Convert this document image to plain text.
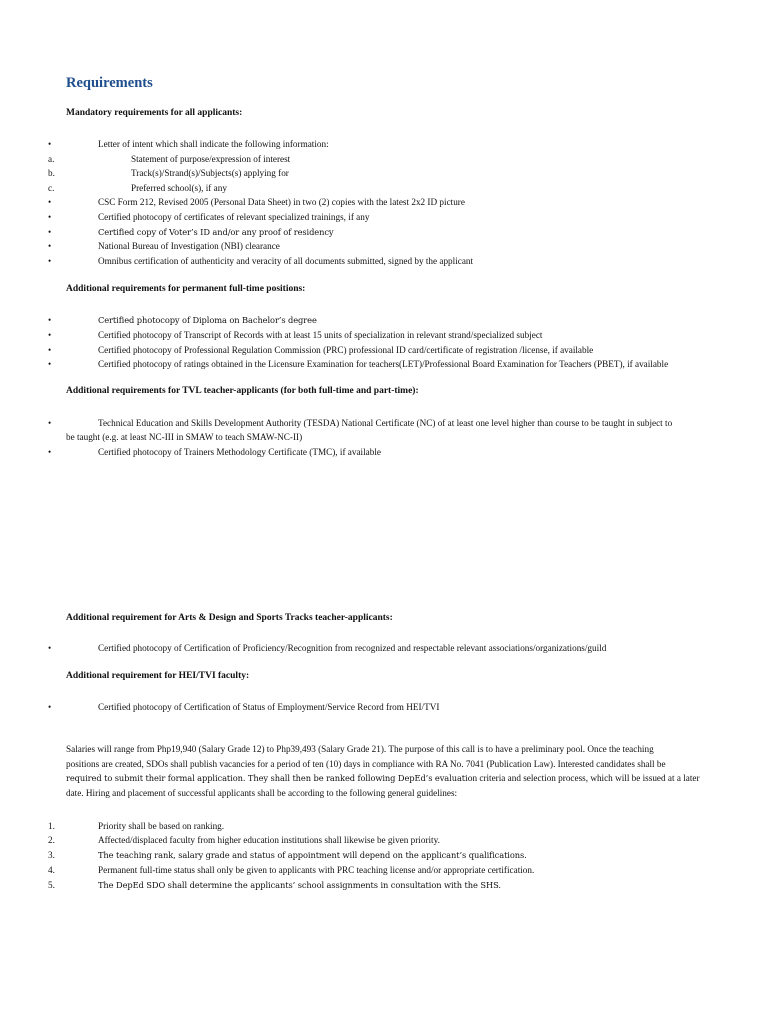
Requirements
Mandatory requirements for all applicants:
•	Letter of intent which shall indicate the following information:
a.	Statement of purpose/expression of interest
b.	Track(s)/Strand(s)/Subjects(s) applying for
c.	Preferred school(s), if any
•	CSC Form 212, Revised 2005 (Personal Data Sheet) in two (2) copies with the latest 2x2 ID picture
•	Certified photocopy of certificates of relevant specialized trainings, if any
•	Certified copy of Voter’s ID and/or any proof of residency
•	National Bureau of Investigation (NBI) clearance
•	Omnibus certification of authenticity and veracity of all documents submitted, signed by the applicant
Additional requirements for permanent full-time positions:
•	Certified photocopy of Diploma on Bachelor’s degree
•	Certified photocopy of Transcript of Records with at least 15 units of specialization in relevant strand/specialized subject
•	Certified photocopy of Professional Regulation Commission (PRC) professional ID card/certificate of registration /license, if available
•	Certified photocopy of ratings obtained in the Licensure Examination for teachers(LET)/Professional Board Examination for Teachers (PBET), if available
Additional requirements for TVL teacher-applicants (for both full-time and part-time):
•	Technical Education and Skills Development Authority (TESDA) National Certificate (NC) of at least one level higher than course to be taught in subject to
be taught (e.g. at least NC-III in SMAW to teach SMAW-NC-II)
•	Certified photocopy of Trainers Methodology Certificate (TMC), if available
Additional requirement for Arts & Design and Sports Tracks teacher-applicants:
•	Certified photocopy of Certification of Proficiency/Recognition from recognized and respectable relevant associations/organizations/guild
Additional requirement for HEI/TVI faculty:
•	Certified photocopy of Certification of Status of Employment/Service Record from HEI/TVI
Salaries will range from Php19,940 (Salary Grade 12) to Php39,493 (Salary Grade 21). The purpose of this call is to have a preliminary pool. Once the teaching
positions are created, SDOs shall publish vacancies for a period of ten (10) days in compliance with RA No. 7041 (Publication Law). Interested candidates shall be
required to submit their formal application. They shall then be ranked following DepEd’s evaluation criteria and selection process, which will be issued at a later
date. Hiring and placement of successful applicants shall be according to the following general guidelines:
1.	Priority shall be based on ranking.
2.	Affected/displaced faculty from higher education institutions shall likewise be given priority.
3.	The teaching rank, salary grade and status of appointment will depend on the applicant’s qualifications.
4.	Permanent full-time status shall only be given to applicants with PRC teaching license and/or appropriate certification.
5.	The DepEd SDO shall determine the applicants’ school assignments in consultation with the SHS.
